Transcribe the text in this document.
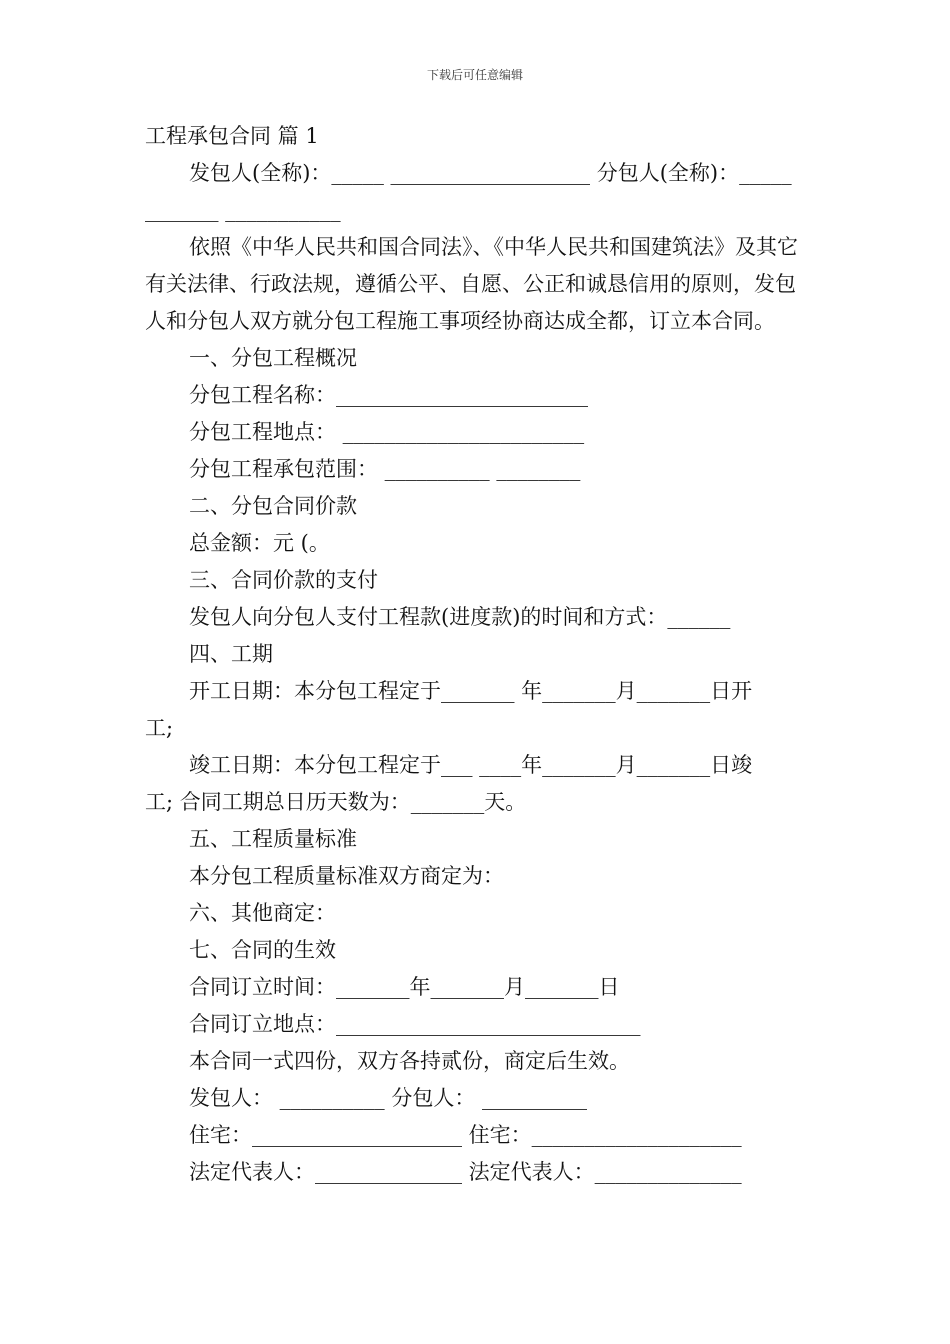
下载后可任意编辑

工程承包合同 篇 1

发包人(全称)：_____ ___________________ 分包人(全称)：_____

_______ ___________

依照《中华人民共和国合同法》、《中华人民共和国建筑法》及其它有关法律、行政法规，遵循公平、自愿、公正和诚恳信用的原则，发包人和分包人双方就分包工程施工事项经协商达成全都，订立本合同。

一、分包工程概况

分包工程名称：________________________

分包工程地点： _______________________

分包工程承包范围： __________ ________

二、分包合同价款

总金额：元 (。

三、合同价款的支付

发包人向分包人支付工程款(进度款)的时间和方式：______

四、工期

开工日期：本分包工程定于_______ 年_______月_______日开

工;

竣工日期：本分包工程定于___ ____年_______月_______日竣

工; 合同工期总日历天数为：_______天。

五、工程质量标准

本分包工程质量标准双方商定为：

六、其他商定：

七、合同的生效

合同订立时间：_______年_______月_______日

合同订立地点：_____________________________

本合同一式四份，双方各持贰份，商定后生效。

发包人： __________ 分包人： __________

住宅：____________________ 住宅：____________________

法定代表人：______________ 法定代表人：______________
